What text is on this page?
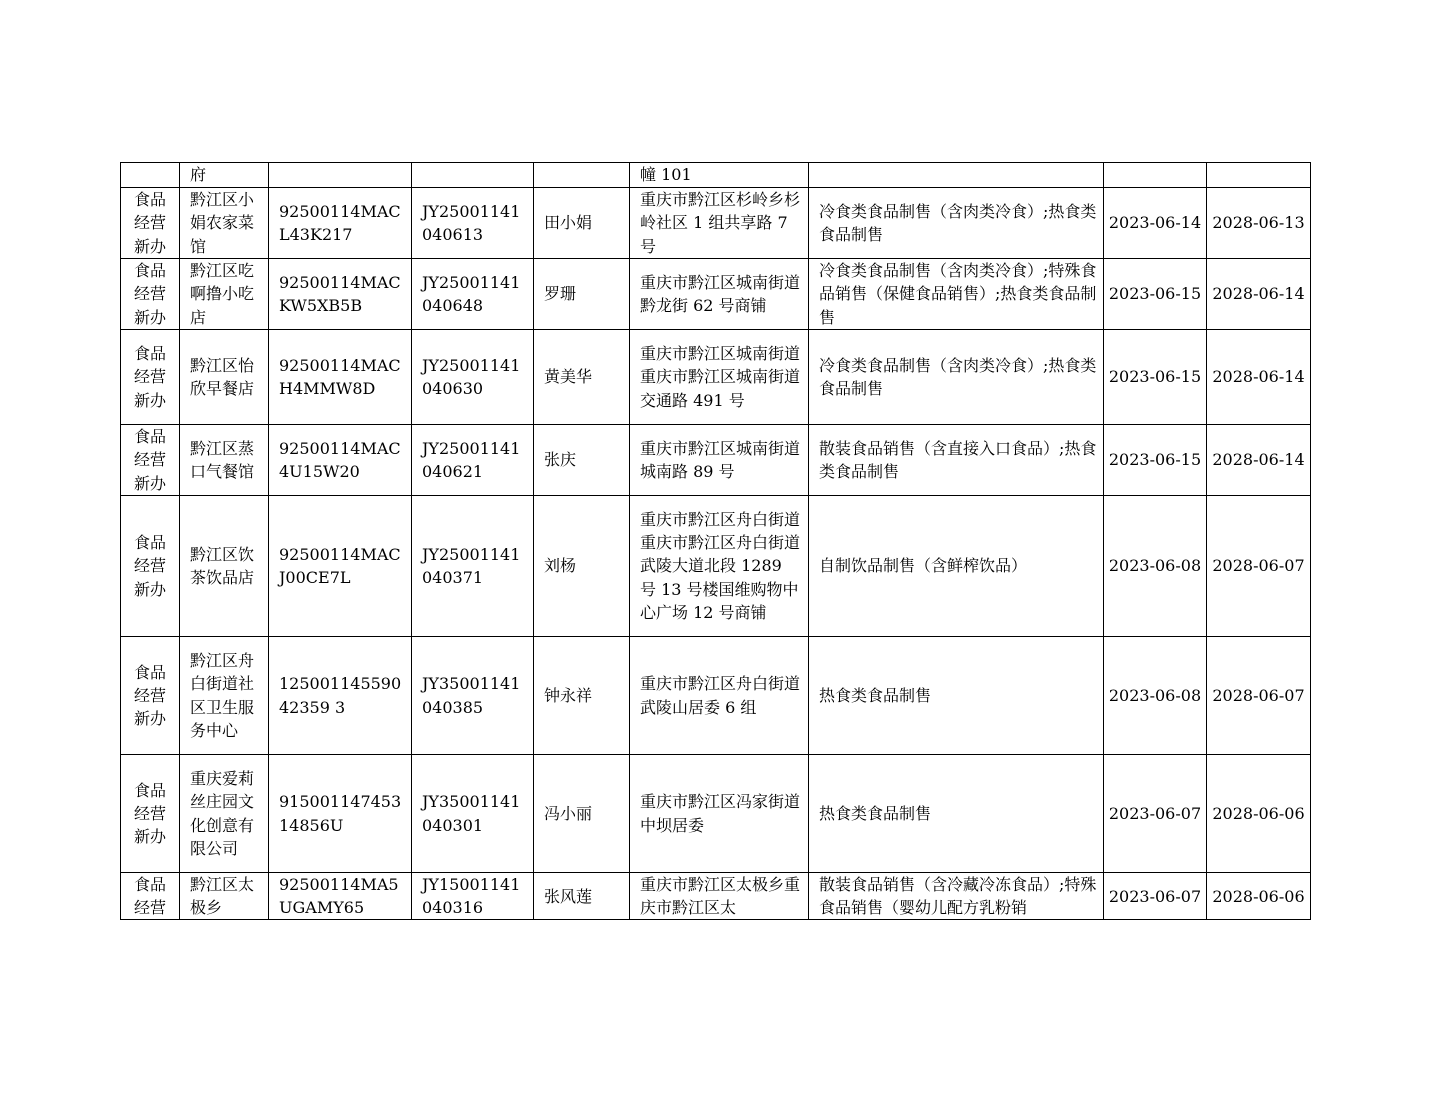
	府				幢 101			
食品经营新办	黔江区小娟农家菜馆	92500114MACL43K217	JY25001141040613	田小娟	重庆市黔江区杉岭乡杉岭社区 1 组共享路 7 号	冷食类食品制售（含肉类冷食）;热食类食品制售	2023-06-14	2028-06-13
食品经营新办	黔江区吃啊撸小吃店	92500114MACKW5XB5B	JY25001141040648	罗珊	重庆市黔江区城南街道黔龙街 62 号商铺	冷食类食品制售（含肉类冷食）;特殊食品销售（保健食品销售）;热食类食品制售	2023-06-15	2028-06-14
食品经营新办	黔江区怡欣早餐店	92500114MACH4MMW8D	JY25001141040630	黄美华	重庆市黔江区城南街道重庆市黔江区城南街道交通路 491 号	冷食类食品制售（含肉类冷食）;热食类食品制售	2023-06-15	2028-06-14
食品经营新办	黔江区蒸口气餐馆	92500114MAC4U15W20	JY25001141040621	张庆	重庆市黔江区城南街道城南路 89 号	散装食品销售（含直接入口食品）;热食类食品制售	2023-06-15	2028-06-14
食品经营新办	黔江区饮茶饮品店	92500114MACJ00CE7L	JY25001141040371	刘杨	重庆市黔江区舟白街道重庆市黔江区舟白街道武陵大道北段 1289 号 13 号楼国维购物中心广场 12 号商铺	自制饮品制售（含鲜榨饮品）	2023-06-08	2028-06-07
食品经营新办	黔江区舟白街道社区卫生服务中心	12500114559042359 3	JY35001141040385	钟永祥	重庆市黔江区舟白街道武陵山居委 6 组	热食类食品制售	2023-06-08	2028-06-07
食品经营新办	重庆爱莉丝庄园文化创意有限公司	91500114745314856U	JY35001141040301	冯小丽	重庆市黔江区冯家街道中坝居委	热食类食品制售	2023-06-07	2028-06-06
食品经营	黔江区太极乡	92500114MA5UGAMY65	JY15001141040316	张风莲	重庆市黔江区太极乡重庆市黔江区太	散装食品销售（含冷藏冷冻食品）;特殊食品销售（婴幼儿配方乳粉销	2023-06-07	2028-06-06
